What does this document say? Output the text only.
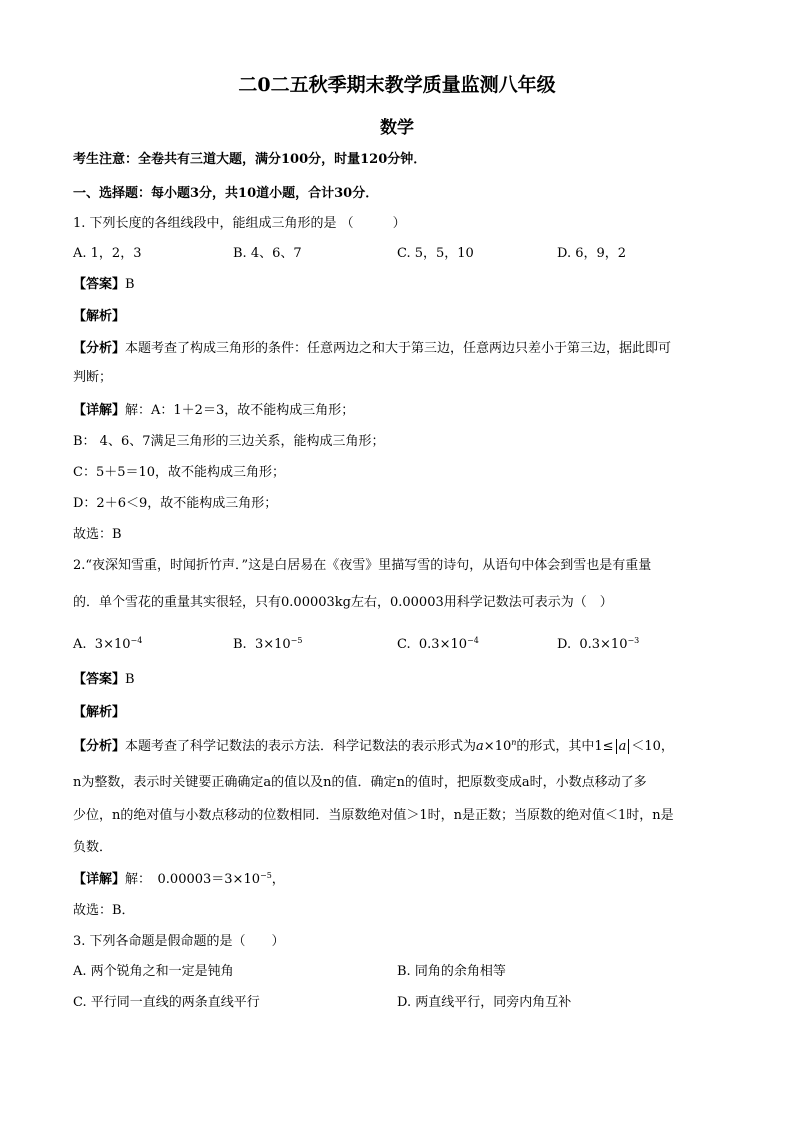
二0二五秋季期末教学质量监测八年级
数学
考生注意：全卷共有三道大题，满分100分，时量120分钟．
一、选择题：每小题3分，共10道小题，合计30分．
1. 下列长度的各组线段中，能组成三角形的是 （　　　）
A. 1，2，3	B. 4、6、7	C. 5，5，10	D. 6，9，2
【答案】B
【解析】
【分析】本题考查了构成三角形的条件：任意两边之和大于第三边，任意两边只差小于第三边，据此即可
判断；
【详解】解：A：1＋2＝3，故不能构成三角形；
B： 4、6、7满足三角形的三边关系，能构成三角形；
C：5＋5＝10，故不能构成三角形；
D：2＋6＜9，故不能构成三角形；
故选：B
2.“夜深知雪重，时闻折竹声．”这是白居易在《夜雪》里描写雪的诗句，从语句中体会到雪也是有重量
的．单个雪花的重量其实很轻，只有0.00003kg左右，0.00003用科学记数法可表示为（　）
A. $3\times 10^{-4}$	B. $3\times 10^{-5}$	C. $0.3\times 10^{-4}$	D. $0.3\times 10^{-3}$
【答案】B
【解析】
【分析】本题考查了科学记数法的表示方法．科学记数法的表示形式为$a\times 10^n$的形式，其中1≤ a ＜10，
n为整数，表示时关键要正确确定a的值以及n的值．确定n的值时，把原数变成a时，小数点移动了多
少位，n的绝对值与小数点移动的位数相同．当原数绝对值＞1时，n是正数；当原数的绝对值＜1时，n是
负数．
【详解】解：　$0.00003=3\times 10^{-5}$，
故选：B．
3. 下列各命题是假命题的是（　　）
A. 两个锐角之和一定是钝角	B. 同角的余角相等
C. 平行同一直线的两条直线平行	D. 两直线平行，同旁内角互补
